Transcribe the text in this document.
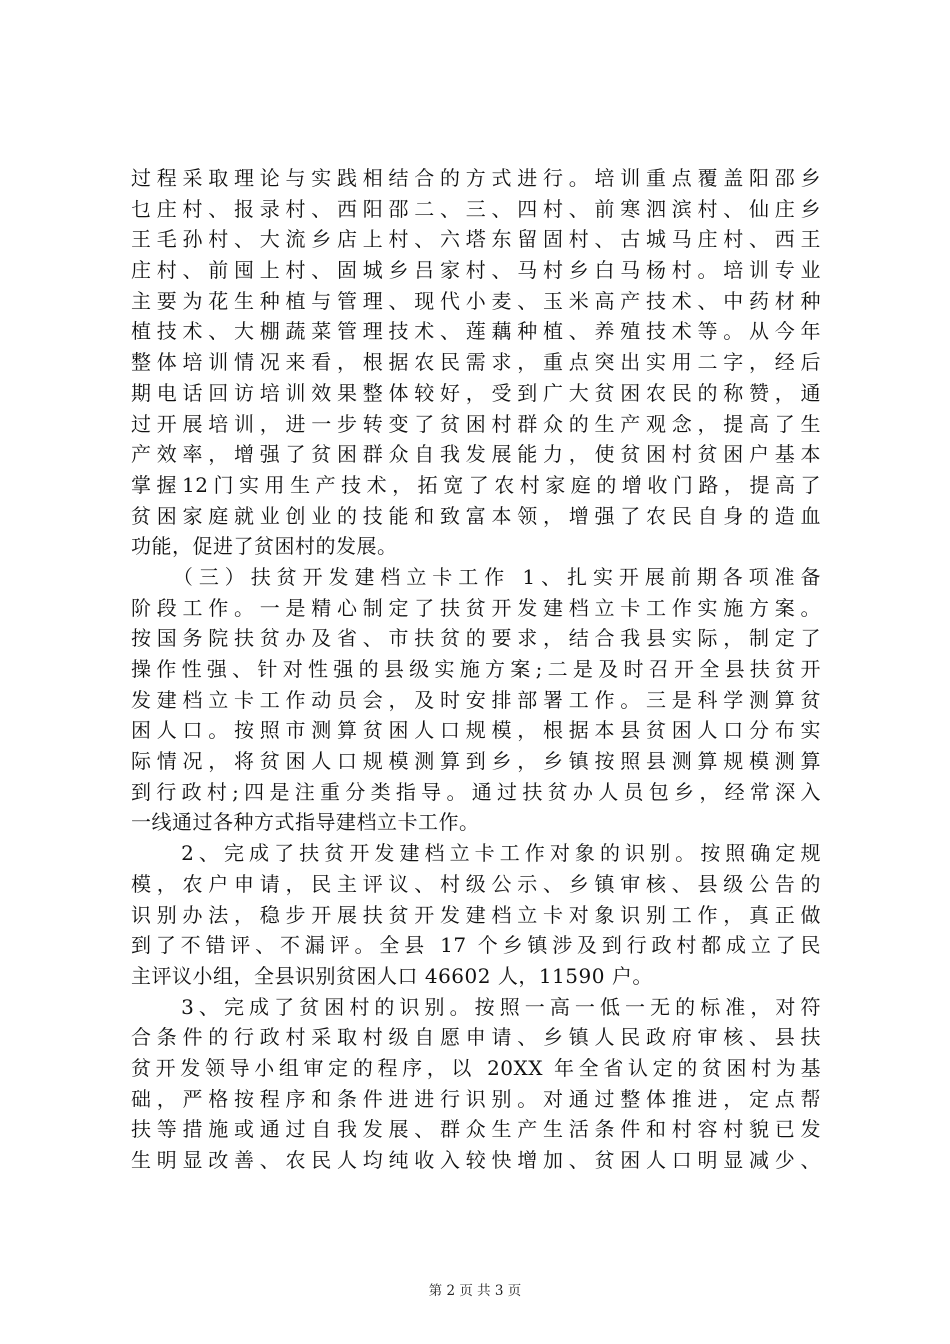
过程采取理论与实践相结合的方式进行。培训重点覆盖阳邵乡
乜庄村、报录村、西阳邵二、三、四村、前寒泗滨村、仙庄乡
王毛孙村、大流乡店上村、六塔东留固村、古城马庄村、西王
庄村、前囤上村、固城乡吕家村、马村乡白马杨村。培训专业
主要为花生种植与管理、现代小麦、玉米高产技术、中药材种
植技术、大棚蔬菜管理技术、莲藕种植、养殖技术等。从今年
整体培训情况来看，根据农民需求，重点突出实用二字，经后
期电话回访培训效果整体较好，受到广大贫困农民的称赞，通
过开展培训，进一步转变了贫困村群众的生产观念，提高了生
产效率，增强了贫困群众自我发展能力，使贫困村贫困户基本
掌握12门实用生产技术，拓宽了农村家庭的增收门路，提高了
贫困家庭就业创业的技能和致富本领，增强了农民自身的造血
功能，促进了贫困村的发展。
　　（三）扶贫开发建档立卡工作 1、扎实开展前期各项准备
阶段工作。一是精心制定了扶贫开发建档立卡工作实施方案。
按国务院扶贫办及省、市扶贫的要求，结合我县实际，制定了
操作性强、针对性强的县级实施方案;二是及时召开全县扶贫开
发建档立卡工作动员会，及时安排部署工作。三是科学测算贫
困人口。按照市测算贫困人口规模，根据本县贫困人口分布实
际情况，将贫困人口规模测算到乡，乡镇按照县测算规模测算
到行政村;四是注重分类指导。通过扶贫办人员包乡，经常深入
一线通过各种方式指导建档立卡工作。
　　2、完成了扶贫开发建档立卡工作对象的识别。按照确定规
模，农户申请，民主评议、村级公示、乡镇审核、县级公告的
识别办法，稳步开展扶贫开发建档立卡对象识别工作，真正做
到了不错评、不漏评。全县 17 个乡镇涉及到行政村都成立了民
主评议小组，全县识别贫困人口 46602 人，11590 户。
　　3、完成了贫困村的识别。按照一高一低一无的标准，对符
合条件的行政村采取村级自愿申请、乡镇人民政府审核、县扶
贫开发领导小组审定的程序，以 20XX 年全省认定的贫困村为基
础，严格按程序和条件进进行识别。对通过整体推进，定点帮
扶等措施或通过自我发展、群众生产生活条件和村容村貌已发
生明显改善、农民人均纯收入较快增加、贫困人口明显减少、
第 2 页 共 3 页
